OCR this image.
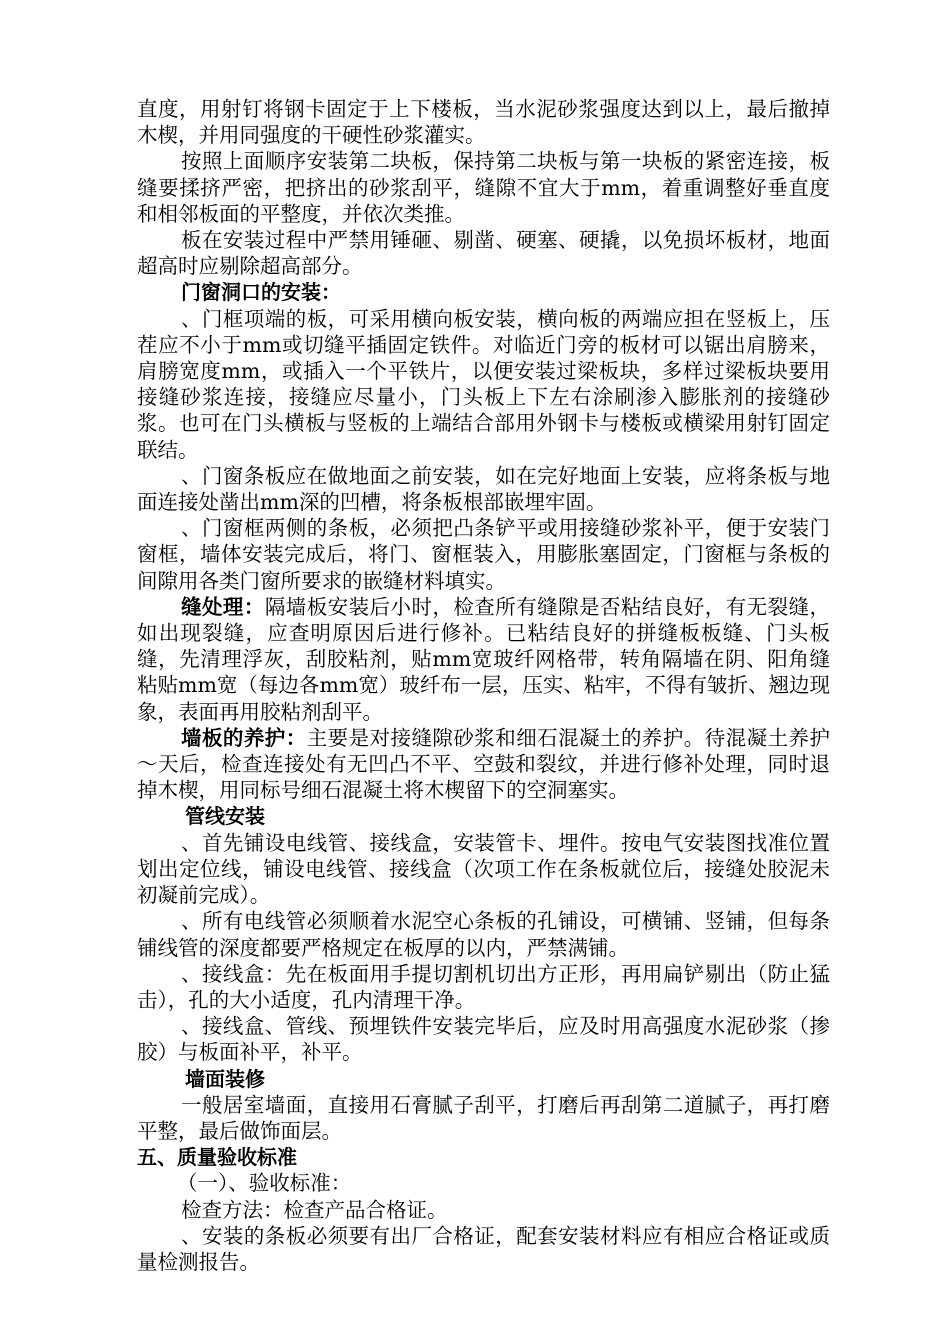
直度，用射钉将钢卡固定于上下楼板，当水泥砂浆强度达到以上，最后撤掉木楔，并用同强度的干硬性砂浆灌实。

按照上面顺序安装第二块板，保持第二块板与第一块板的紧密连接，板缝要揉挤严密，把挤出的砂浆刮平，缝隙不宜大于mm，着重调整好垂直度和相邻板面的平整度，并依次类推。

板在安装过程中严禁用锤砸、剔凿、硬塞、硬撬，以免损坏板材，地面超高时应剔除超高部分。

门窗洞口的安装：

、门框项端的板，可采用横向板安装，横向板的两端应担在竖板上，压茬应不小于mm或切缝平插固定铁件。对临近门旁的板材可以锯出肩膀来，肩膀宽度mm，或插入一个平铁片，以便安装过梁板块，多样过梁板块要用接缝砂浆连接，接缝应尽量小，门头板上下左右涂刷渗入膨胀剂的接缝砂浆。也可在门头横板与竖板的上端结合部用外钢卡与楼板或横梁用射钉固定联结。

、门窗条板应在做地面之前安装，如在完好地面上安装，应将条板与地面连接处凿出mm深的凹槽，将条板根部嵌埋牢固。

、门窗框两侧的条板，必须把凸条铲平或用接缝砂浆补平，便于安装门窗框，墙体安装完成后，将门、窗框装入，用膨胀塞固定，门窗框与条板的间隙用各类门窗所要求的嵌缝材料填实。

缝处理：隔墙板安装后小时，检查所有缝隙是否粘结良好，有无裂缝，如出现裂缝，应查明原因后进行修补。已粘结良好的拼缝板板缝、门头板缝，先清理浮灰，刮胶粘剂，贴mm宽玻纤网格带，转角隔墙在阴、阳角缝粘贴mm宽（每边各mm宽）玻纤布一层，压实、粘牢，不得有皱折、翘边现象，表面再用胶粘剂刮平。

墙板的养护：主要是对接缝隙砂浆和细石混凝土的养护。待混凝土养护～天后，检查连接处有无凹凸不平、空鼓和裂纹，并进行修补处理，同时退掉木楔，用同标号细石混凝土将木楔留下的空洞塞实。

管线安装

、首先铺设电线管、接线盒，安装管卡、埋件。按电气安装图找准位置划出定位线，铺设电线管、接线盒（次项工作在条板就位后，接缝处胶泥未初凝前完成）。

、所有电线管必须顺着水泥空心条板的孔铺设，可横铺、竖铺，但每条铺线管的深度都要严格规定在板厚的以内，严禁满铺。

、接线盒：先在板面用手提切割机切出方正形，再用扁铲剔出（防止猛击），孔的大小适度，孔内清理干净。

、接线盒、管线、预埋铁件安装完毕后，应及时用高强度水泥砂浆（掺胶）与板面补平，补平。

墙面装修

一般居室墙面，直接用石膏腻子刮平，打磨后再刮第二道腻子，再打磨平整，最后做饰面层。

五、质量验收标准

（一）、验收标准：

检查方法：检查产品合格证。

、安装的条板必须要有出厂合格证，配套安装材料应有相应合格证或质量检测报告。
